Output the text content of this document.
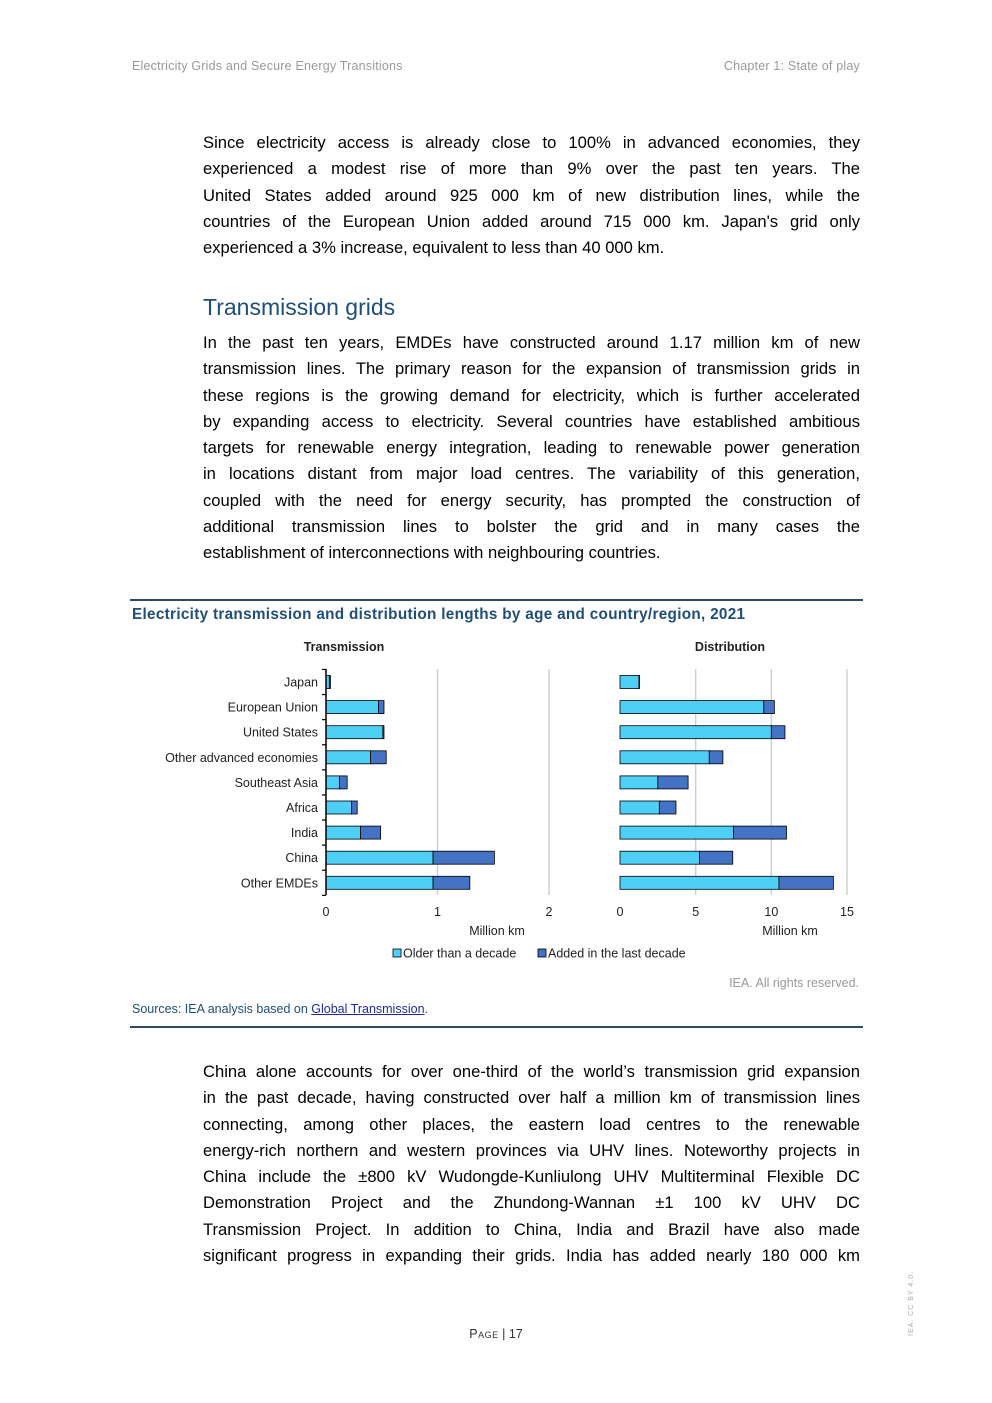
Electricity Grids and Secure Energy Transitions	Chapter 1: State of play

Since electricity access is already close to 100% in advanced economies, they
experienced a modest rise of more than 9% over the past ten years. The
United States added around 925 000 km of new distribution lines, while the
countries of the European Union added around 715 000 km. Japan's grid only
experienced a 3% increase, equivalent to less than 40 000 km.

Transmission grids

In the past ten years, EMDEs have constructed around 1.17 million km of new
transmission lines. The primary reason for the expansion of transmission grids in
these regions is the growing demand for electricity, which is further accelerated
by expanding access to electricity. Several countries have established ambitious
targets for renewable energy integration, leading to renewable power generation
in locations distant from major load centres. The variability of this generation,
coupled with the need for energy security, has prompted the construction of
additional transmission lines to bolster the grid and in many cases the
establishment of interconnections with neighbouring countries.

Electricity transmission and distribution lengths by age and country/region, 2021
Transmission
0	1	2
Million km
Distribution
0	5	10	15
Million km
Japan
European Union
United States
Other advanced economies
Southeast Asia
Africa
India
China
Other EMDEs
Older than a decade	Added in the last decade
IEA. All rights reserved.
Sources: IEA analysis based on Global Transmission.

China alone accounts for over one-third of the world’s transmission grid expansion
in the past decade, having constructed over half a million km of transmission lines
connecting, among other places, the eastern load centres to the renewable
energy-rich northern and western provinces via UHV lines. Noteworthy projects in
China include the ±800 kV Wudongde-Kunliulong UHV Multiterminal Flexible DC
Demonstration Project and the Zhundong-Wannan ±1 100 kV UHV DC
Transmission Project. In addition to China, India and Brazil have also made
significant progress in expanding their grids. India has added nearly 180 000 km

Page | 17	IEA. CC BY 4.0.
